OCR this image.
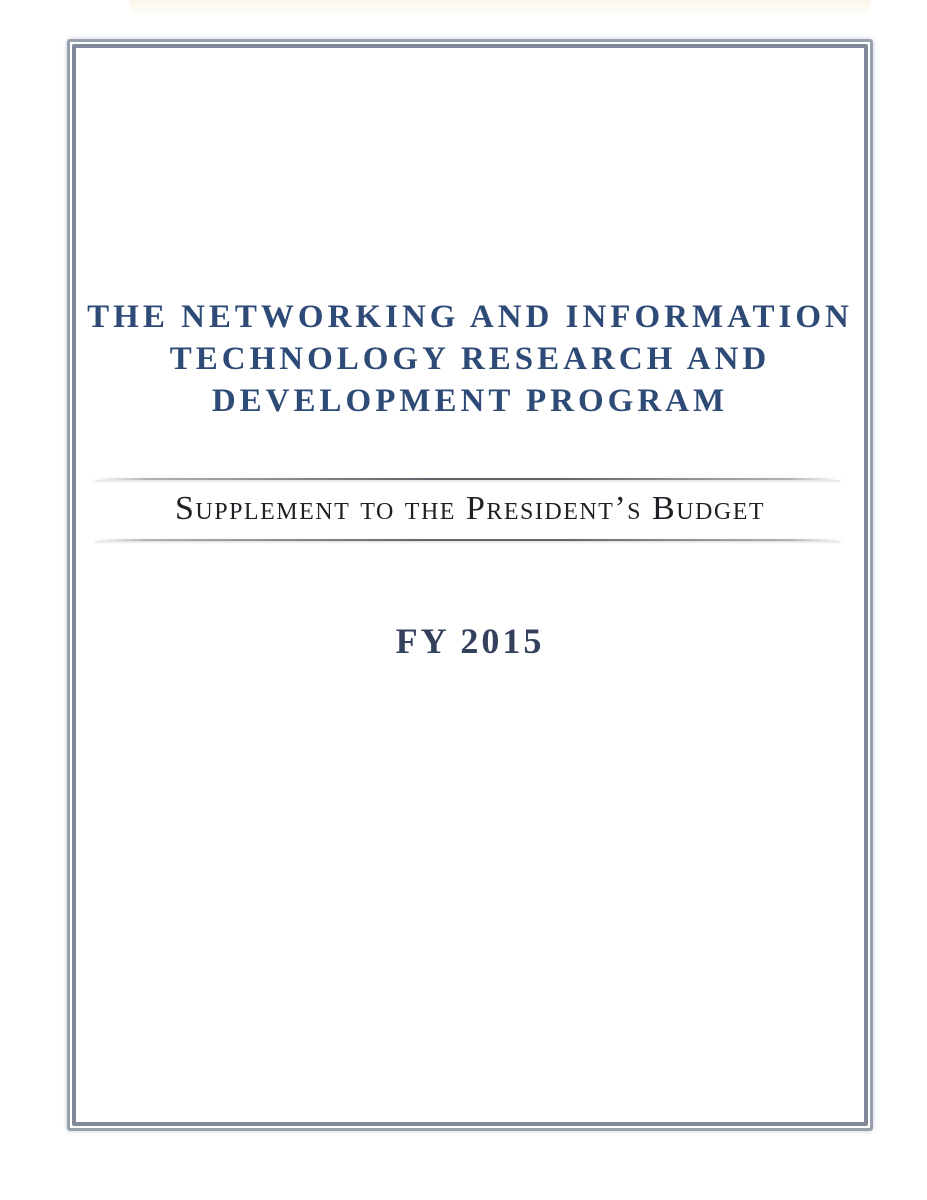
THE NETWORKING AND INFORMATION
TECHNOLOGY RESEARCH AND
DEVELOPMENT PROGRAM
Supplement to the President’s Budget
FY 2015
